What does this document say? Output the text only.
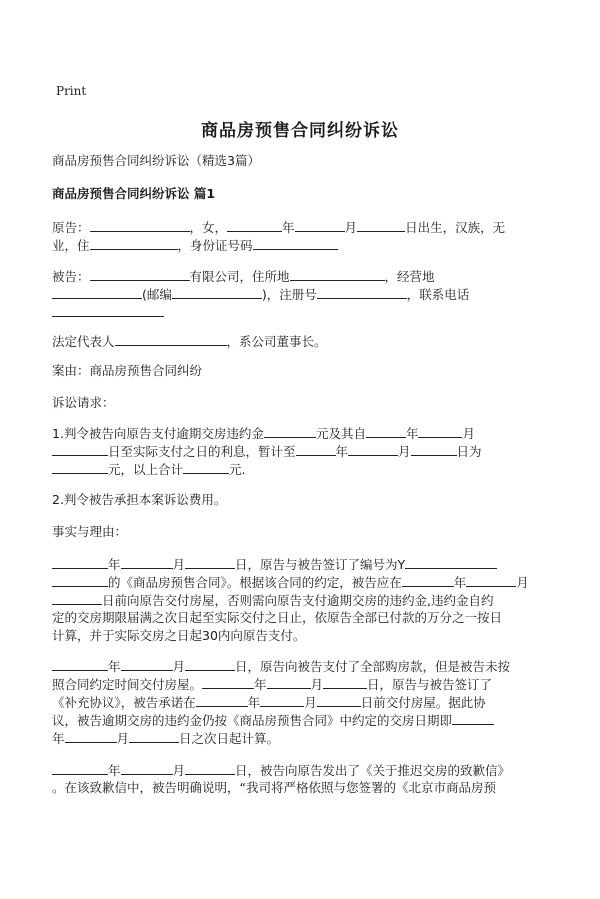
Print
商品房预售合同纠纷诉讼
商品房预售合同纠纷诉讼（精选3篇）
商品房预售合同纠纷诉讼 篇1
原告：	，女，	年	月	日出生，汉族，无
业，住	，身份证号码
被告：	有限公司，住所地	，经营地
(邮编	)，注册号	，联系电话
法定代表人	，系公司董事长。
案由：商品房预售合同纠纷
诉讼请求：
1.判令被告向原告支付逾期交房违约金	元及其自	年	月
日至实际支付之日的利息，暂计至	年	月	日为
元，以上合计	元.
2.判令被告承担本案诉讼费用。
事实与理由：
年	月	日，原告与被告签订了编号为Y
的《商品房预售合同》。根据该合同的约定，被告应在	年	月
日前向原告交付房屋，否则需向原告支付逾期交房的违约金,违约金自约
定的交房期限届满之次日起至实际交付之日止，依原告全部已付款的万分之一按日
计算，并于实际交房之日起30内向原告支付。
年	月	日，原告向被告支付了全部购房款，但是被告未按
照合同约定时间交付房屋。	年	月	日，原告与被告签订了
《补充协议》，被告承诺在	年	月	日前交付房屋。据此协
议，被告逾期交房的违约金仍按《商品房预售合同》中约定的交房日期即
年	月	日之次日起计算。
年	月	日，被告向原告发出了《关于推迟交房的致歉信》
。在该致歉信中，被告明确说明，“我司将严格依照与您签署的《北京市商品房预
